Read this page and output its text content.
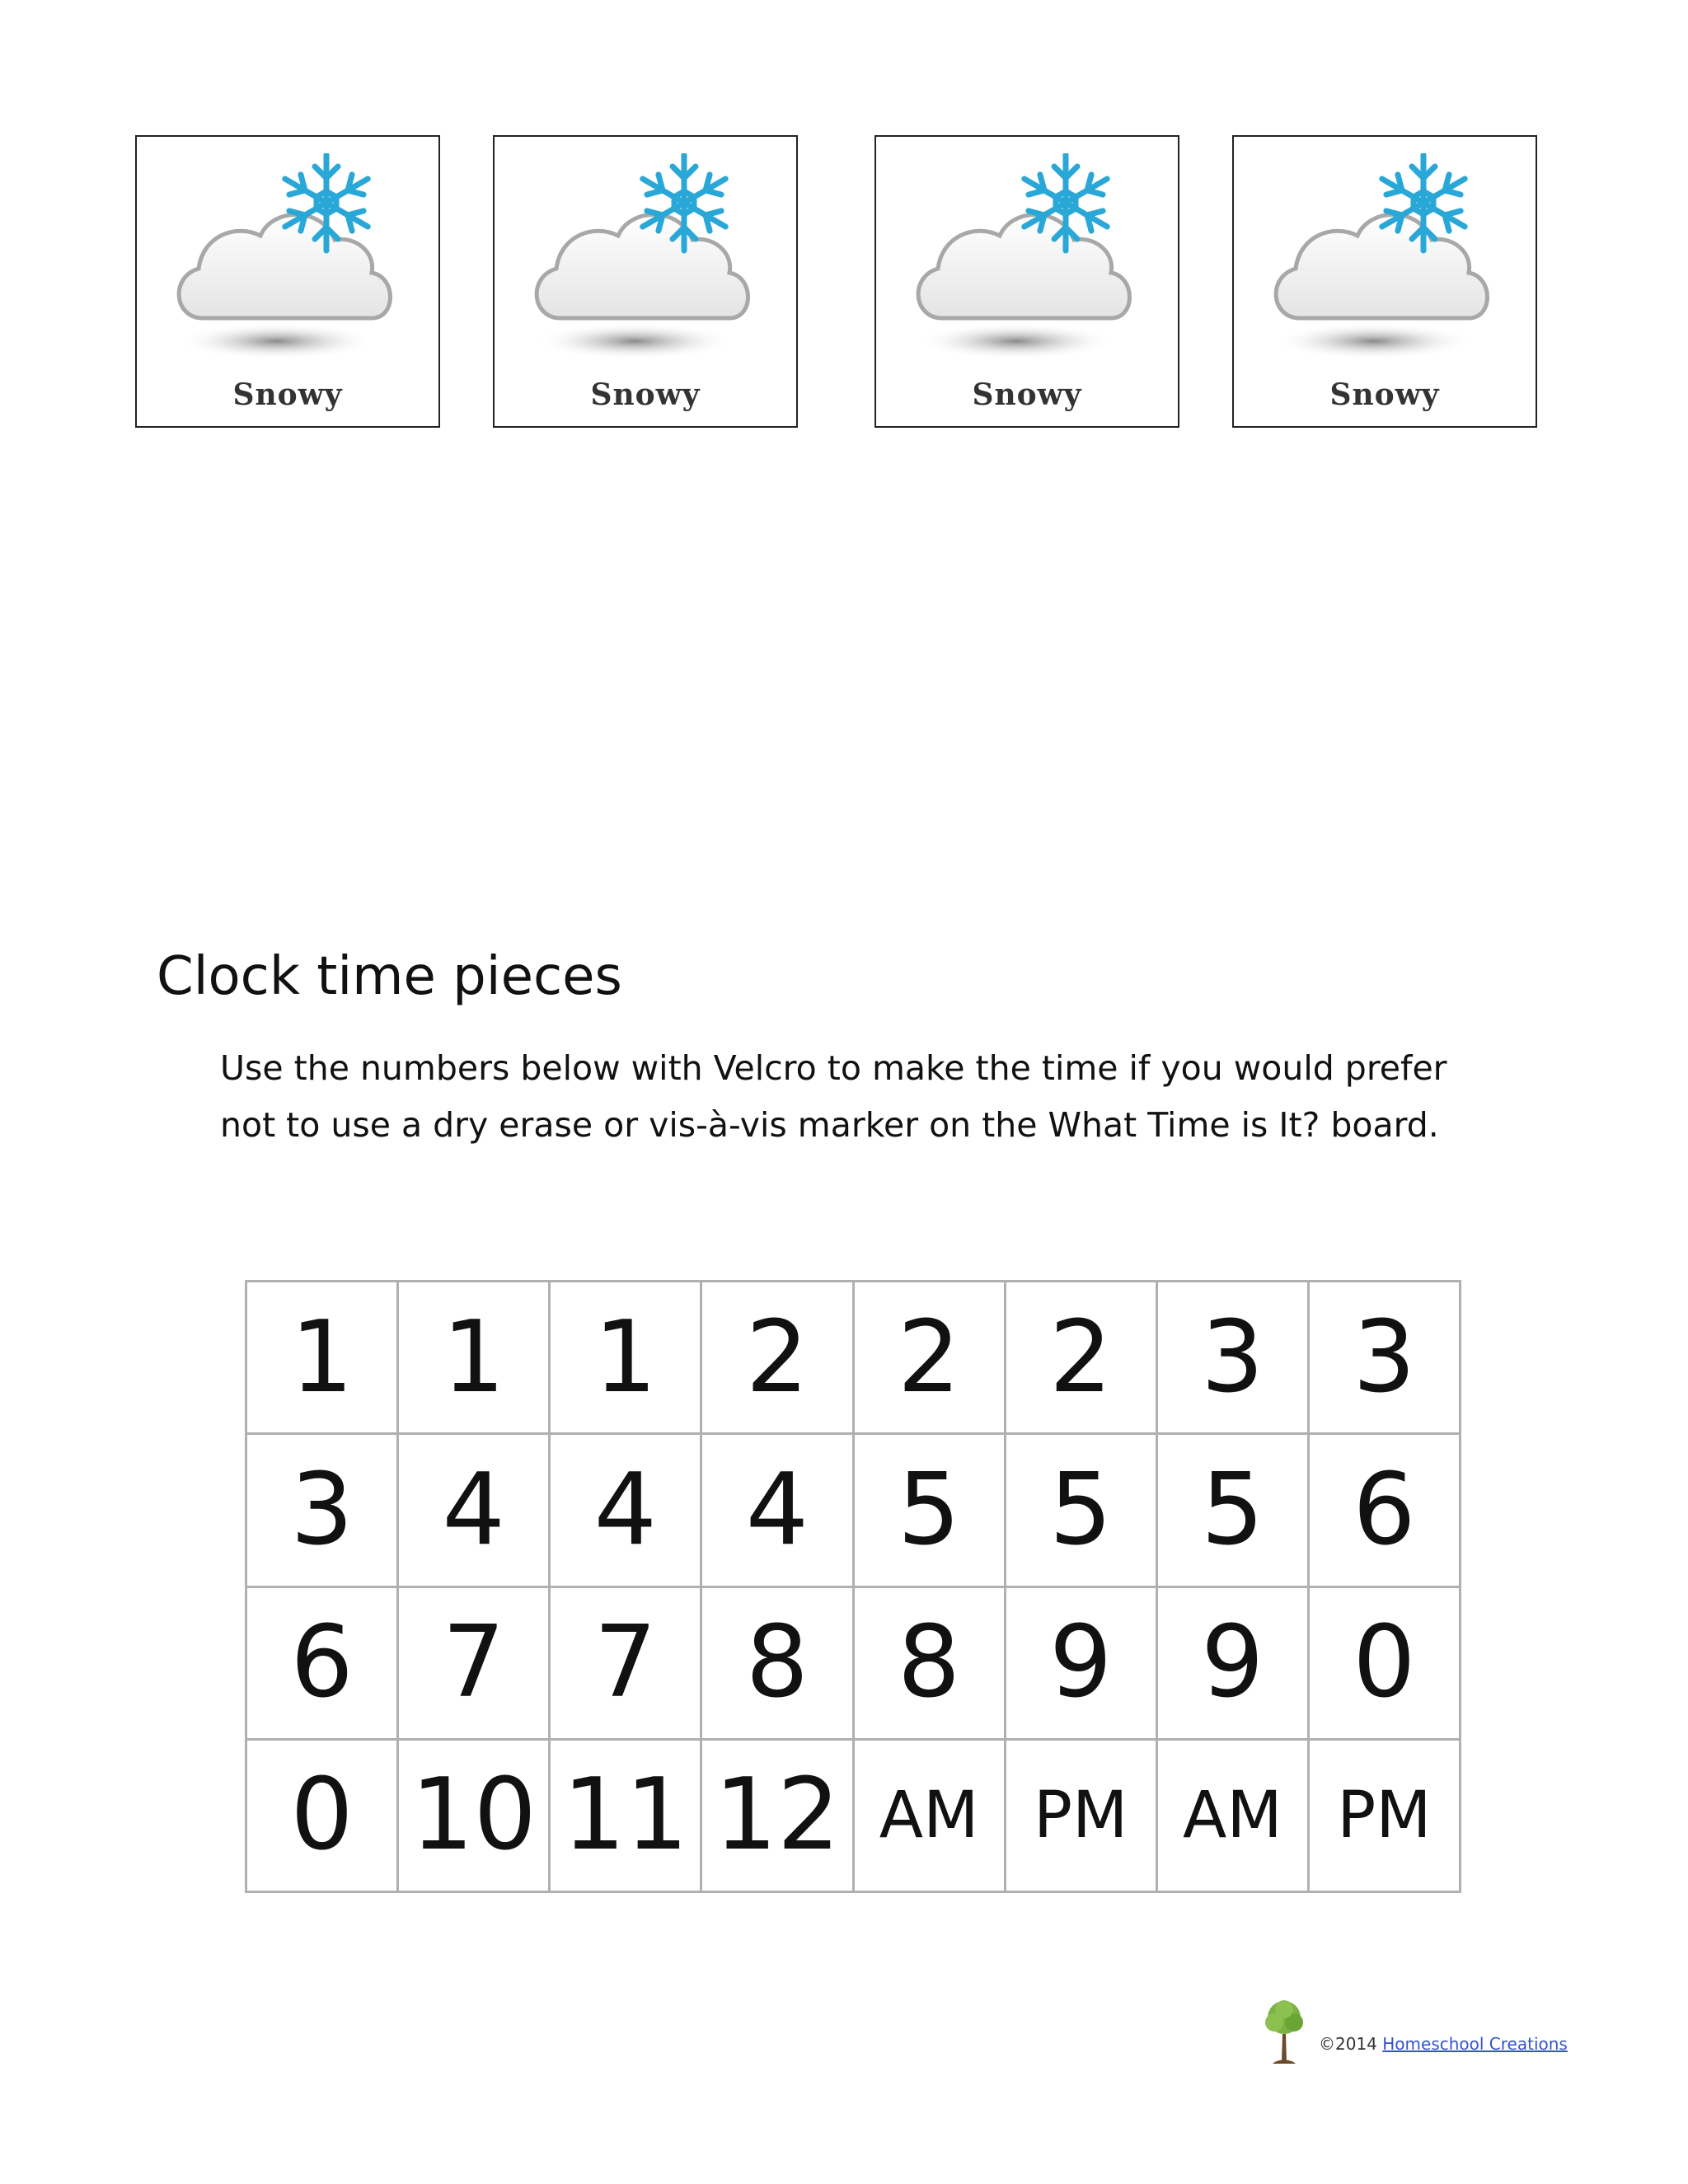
Snowy	Snowy	Snowy	Snowy
Clock time pieces

Use the numbers below with Velcro to make the time if you would prefer not to use a dry erase or vis-à-vis marker on the What Time is It? board.

1 1 1 2 2 2 3 3
3 4 4 4 5 5 5 6
6 7 7 8 8 9 9 0
0 10 11 12 AM PM AM PM
©2014 Homeschool Creations
